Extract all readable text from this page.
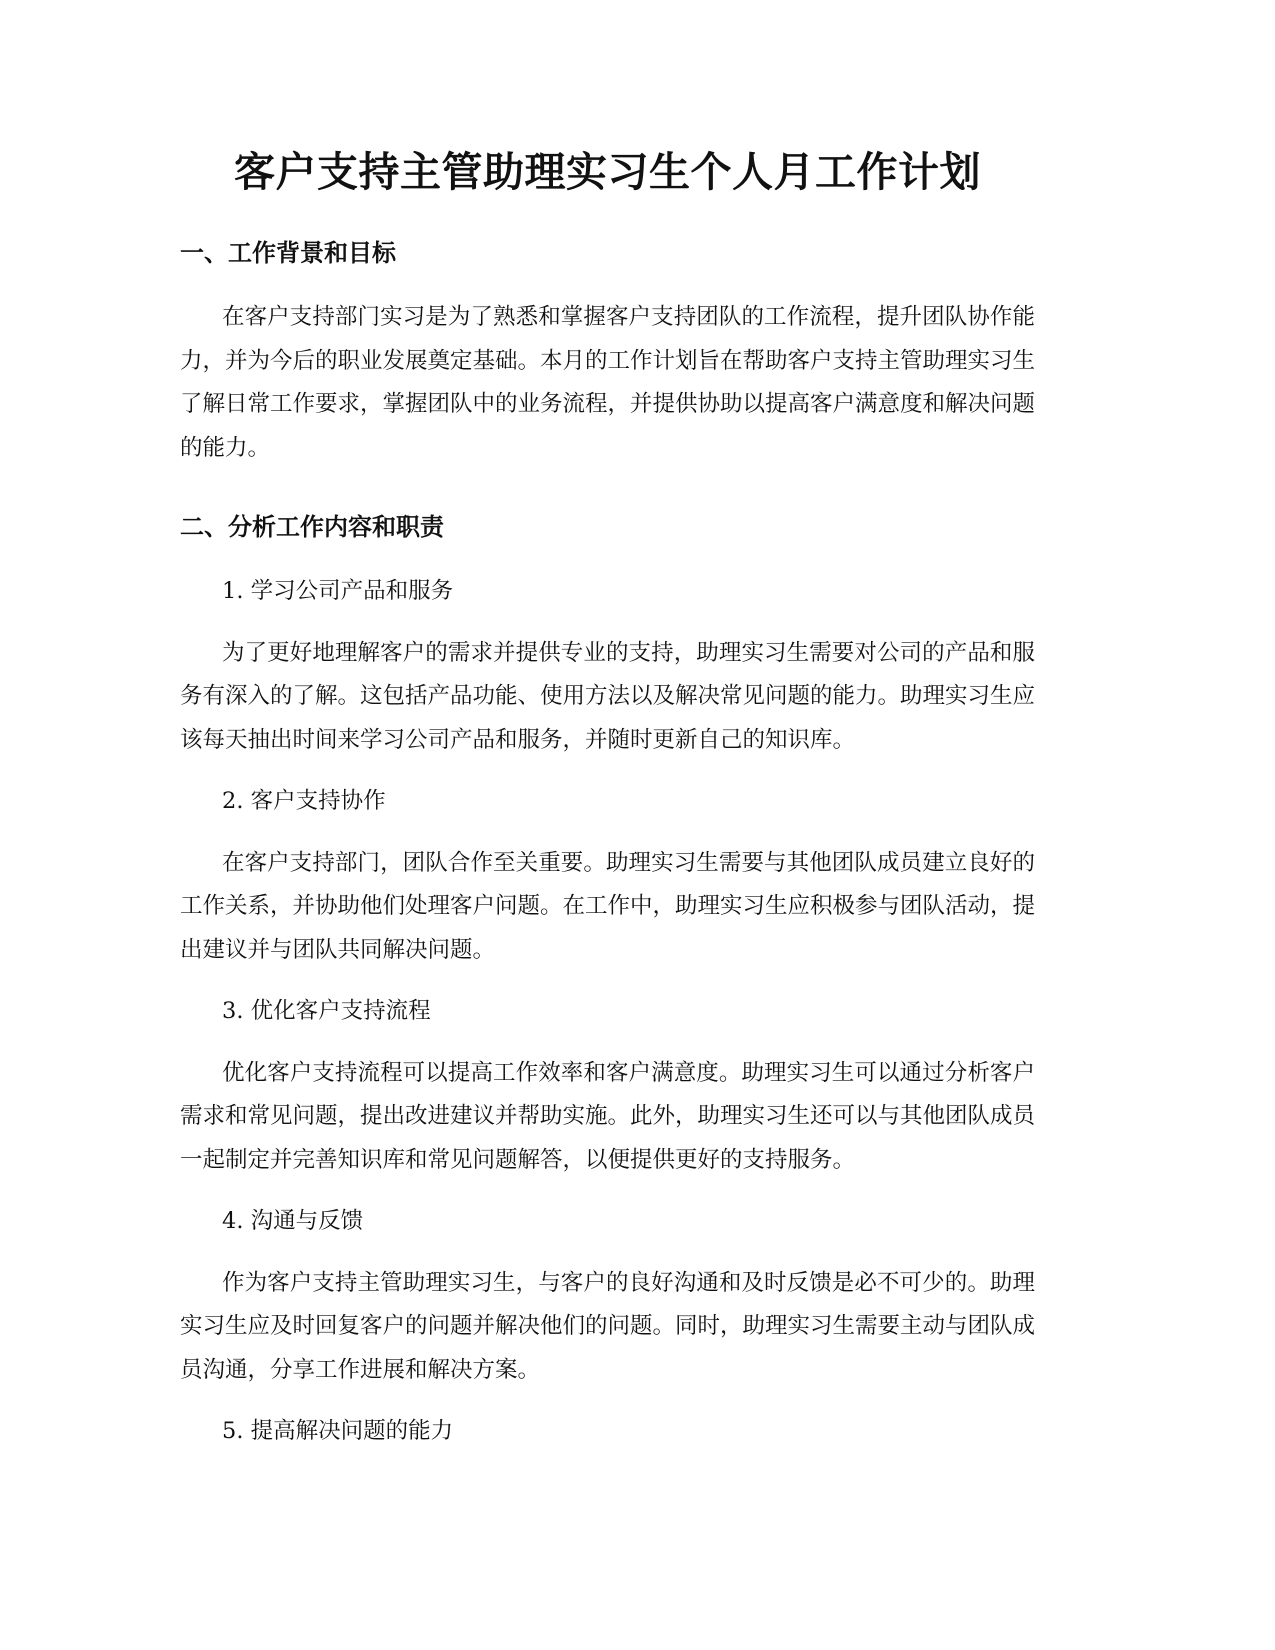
客户支持主管助理实习生个人月工作计划
一、工作背景和目标

在客户支持部门实习是为了熟悉和掌握客户支持团队的工作流程，提升团队协作能力，并为今后的职业发展奠定基础。本月的工作计划旨在帮助客户支持主管助理实习生了解日常工作要求，掌握团队中的业务流程，并提供协助以提高客户满意度和解决问题的能力。

二、分析工作内容和职责

1. 学习公司产品和服务

为了更好地理解客户的需求并提供专业的支持，助理实习生需要对公司的产品和服务有深入的了解。这包括产品功能、使用方法以及解决常见问题的能力。助理实习生应该每天抽出时间来学习公司产品和服务，并随时更新自己的知识库。

2. 客户支持协作

在客户支持部门，团队合作至关重要。助理实习生需要与其他团队成员建立良好的工作关系，并协助他们处理客户问题。在工作中，助理实习生应积极参与团队活动，提出建议并与团队共同解决问题。

3. 优化客户支持流程

优化客户支持流程可以提高工作效率和客户满意度。助理实习生可以通过分析客户需求和常见问题，提出改进建议并帮助实施。此外，助理实习生还可以与其他团队成员一起制定并完善知识库和常见问题解答，以便提供更好的支持服务。

4. 沟通与反馈

作为客户支持主管助理实习生，与客户的良好沟通和及时反馈是必不可少的。助理实习生应及时回复客户的问题并解决他们的问题。同时，助理实习生需要主动与团队成员沟通，分享工作进展和解决方案。

5. 提高解决问题的能力
